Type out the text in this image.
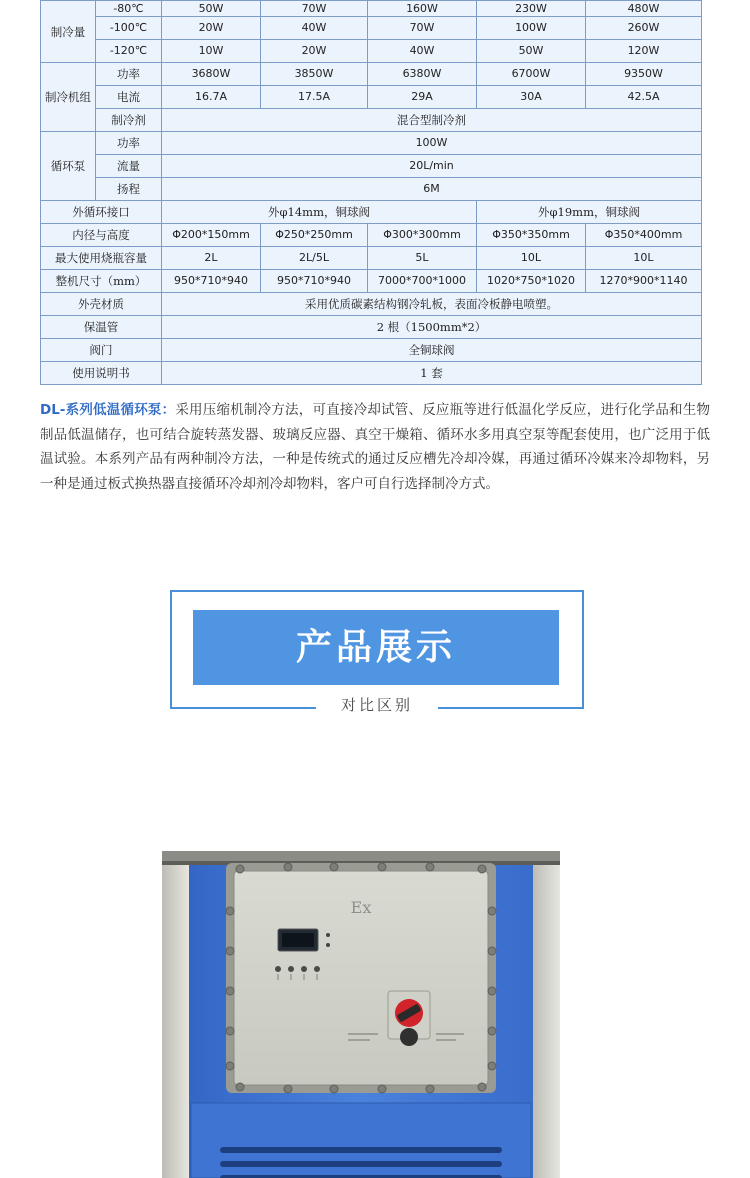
制冷量	-80℃	50W	70W	160W	230W	480W
	-100℃	20W	40W	70W	100W	260W
	-120℃	10W	20W	40W	50W	120W
制冷机组	功率	3680W	3850W	6380W	6700W	9350W
	电流	16.7A	17.5A	29A	30A	42.5A
	制冷剂	混合型制冷剂				
循环泵	功率	100W				
	流量	20L/min				
	扬程	6M				
外循环接口		外φ14mm，铜球阀			外φ19mm，铜球阀	
内径与高度		Φ200*150mm	Φ250*250mm	Φ300*300mm	Φ350*350mm	Φ350*400mm
最大使用烧瓶容量		2L	2L/5L	5L	10L	10L
整机尺寸（mm）		950*710*940	950*710*940	7000*700*1000	1020*750*1020	1270*900*1140
外壳材质		采用优质碳素结构钢冷轧板，表面冷板静电喷塑。				
保温管		2 根（1500mm*2）				
阀门		全铜球阀				
使用说明书		1 套				
DL-系列低温循环泵：采用压缩机制冷方法，可直接冷却试管、反应瓶等进行低温化学反应，进行化学品和生物制品低温储存，也可结合旋转蒸发器、玻璃反应器、真空干燥箱、循环水多用真空泵等配套使用，也广泛用于低温试验。本系列产品有两种制冷方法，一种是传统式的通过反应槽先冷却冷媒，再通过循环冷媒来冷却物料，另一种是通过板式换热器直接循环冷却剂冷却物料，客户可自行选择制冷方式。
产品展示
对比区别
Ex
